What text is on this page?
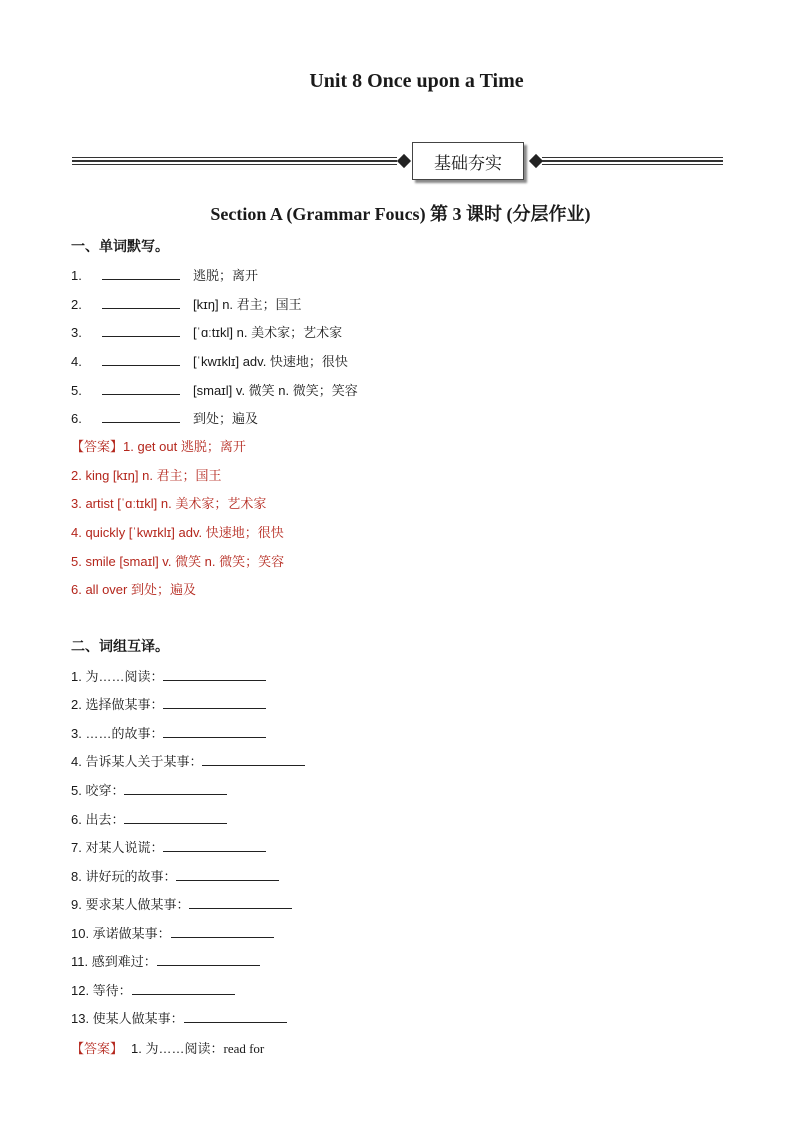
Unit 8 Once upon a Time
基础夯实
Section A (Grammar Foucs) 第 3 课时 (分层作业)
一、单词默写。
1.	逃脱；离开
2.	[kɪŋ] n. 君主；国王
3.	[ˈɑːtɪkl] n. 美术家；艺术家
4.	[ˈkwɪklɪ] adv. 快速地；很快
5.	[smaɪl] v. 微笑 n. 微笑；笑容
6.	到处；遍及
【答案】1. get out 逃脱；离开
2. king [kɪŋ] n. 君主；国王
3. artist [ˈɑːtɪkl] n. 美术家；艺术家
4. quickly [ˈkwɪklɪ] adv. 快速地；很快
5. smile [smaɪl] v. 微笑 n. 微笑；笑容
6. all over 到处；遍及
二、词组互译。
1. 为……阅读：
2. 选择做某事：
3. ……的故事：
4. 告诉某人关于某事：
5. 咬穿：
6. 出去：
7. 对某人说谎：
8. 讲好玩的故事：
9. 要求某人做某事：
10. 承诺做某事：
11. 感到难过：
12. 等待：
13. 使某人做某事：
【答案】 1. 为……阅读：read for
